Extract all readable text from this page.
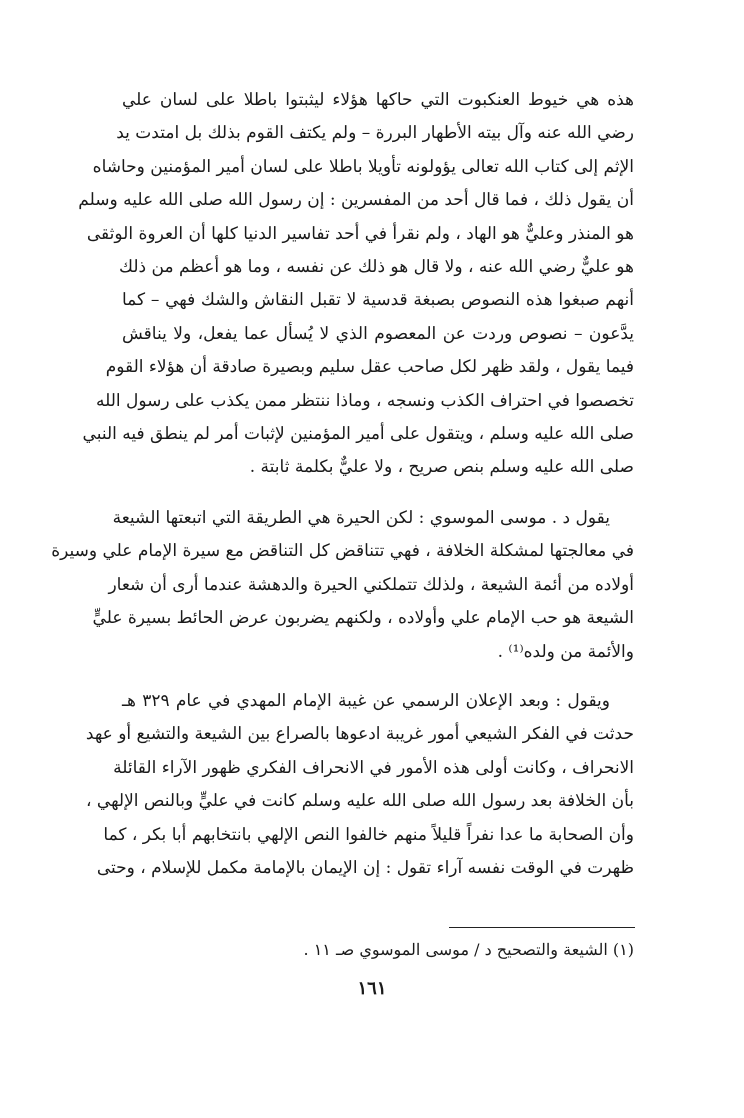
هذه هي خيوط العنكبوت التي حاكها هؤلاء ليثبتوا باطلا على لسان علي
رضي الله عنه وآل بيته الأطهار البررة – ولم يكتف القوم بذلك بل امتدت يد
الإثم إلى كتاب الله تعالى يؤولونه تأويلا باطلا على لسان أمير المؤمنين وحاشاه
أن يقول ذلك ، فما قال أحد من المفسرين : إن رسول الله صلى الله عليه وسلم
هو المنذر وعليٌّ هو الهاد ، ولم نقرأ في أحد تفاسير الدنيا كلها أن العروة الوثقى
هو عليٌّ رضي الله عنه ، ولا قال هو ذلك عن نفسه ، وما هو أعظم من ذلك
أنهم صبغوا هذه النصوص بصبغة قدسية لا تقبل النقاش والشك فهي – كما
يدَّعون – نصوص وردت عن المعصوم الذي لا يُسأل عما يفعل، ولا يناقش
فيما يقول ، ولقد ظهر لكل صاحب عقل سليم وبصيرة صادقة أن هؤلاء القوم
تخصصوا في احتراف الكذب ونسجه ، وماذا ننتظر ممن يكذب على رسول الله
صلى الله عليه وسلم ، ويتقول على أمير المؤمنين لإثبات أمر لم ينطق فيه النبي
صلى الله عليه وسلم بنص صريح ، ولا عليٌّ بكلمة ثابتة .
يقول د . موسى الموسوي : لكن الحيرة هي الطريقة التي اتبعتها الشيعة
في معالجتها لمشكلة الخلافة ، فهي تتناقض كل التناقض مع سيرة الإمام علي وسيرة
أولاده من أئمة الشيعة ، ولذلك تتملكني الحيرة والدهشة عندما أرى أن شعار
الشيعة هو حب الإمام علي وأولاده ، ولكنهم يضربون عرض الحائط بسيرة عليٍّ
والأئمة من ولده⁽¹⁾ .
ويقول : وبعد الإعلان الرسمي عن غيبة الإمام المهدي في عام ٣٢٩ هـ
حدثت في الفكر الشيعي أمور غريبة ادعوها بالصراع بين الشيعة والتشيع أو عهد
الانحراف ، وكانت أولى هذه الأمور في الانحراف الفكري ظهور الآراء القائلة
بأن الخلافة بعد رسول الله صلى الله عليه وسلم كانت في عليٍّ وبالنص الإلهي ،
وأن الصحابة ما عدا نفراً قليلاً منهم خالفوا النص الإلهي بانتخابهم أبا بكر ، كما
ظهرت في الوقت نفسه آراء تقول : إن الإيمان بالإمامة مكمل للإسلام ، وحتى
(١) الشيعة والتصحيح د / موسى الموسوي صـ ١١ .
١٦١
